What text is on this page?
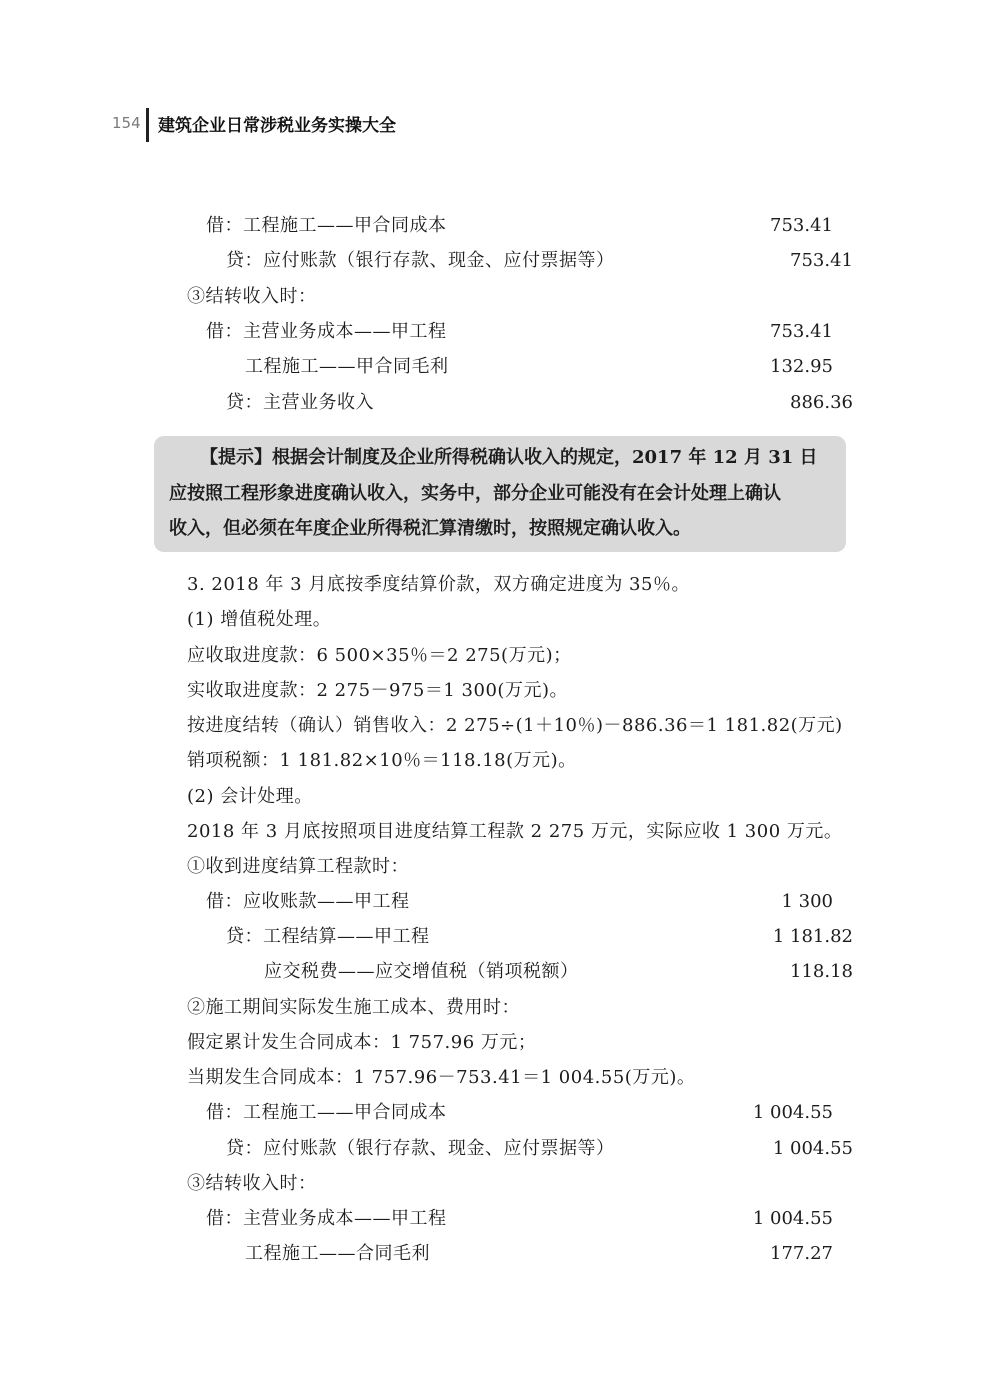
154 建筑企业日常涉税业务实操大全
借：工程施工——甲合同成本	753.41
贷：应付账款（银行存款、现金、应付票据等）	753.41
③结转收入时：
借：主营业务成本——甲工程	753.41
工程施工——甲合同毛利	132.95
贷：主营业务收入	886.36
【提示】根据会计制度及企业所得税确认收入的规定，2017 年 12 月 31 日
应按照工程形象进度确认收入，实务中，部分企业可能没有在会计处理上确认
收入，但必须在年度企业所得税汇算清缴时，按照规定确认收入。
3. 2018 年 3 月底按季度结算价款，双方确定进度为 35％。
(1) 增值税处理。
应收取进度款：6 500×35％＝2 275(万元)；
实收取进度款：2 275－975＝1 300(万元)。
按进度结转（确认）销售收入：2 275÷(1＋10％)－886.36＝1 181.82(万元)
销项税额：1 181.82×10％＝118.18(万元)。
(2) 会计处理。
2018 年 3 月底按照项目进度结算工程款 2 275 万元，实际应收 1 300 万元。
①收到进度结算工程款时：
借：应收账款——甲工程	1 300
贷：工程结算——甲工程	1 181.82
应交税费——应交增值税（销项税额）	118.18
②施工期间实际发生施工成本、费用时：
假定累计发生合同成本：1 757.96 万元；
当期发生合同成本：1 757.96－753.41＝1 004.55(万元)。
借：工程施工——甲合同成本	1 004.55
贷：应付账款（银行存款、现金、应付票据等）	1 004.55
③结转收入时：
借：主营业务成本——甲工程	1 004.55
工程施工——合同毛利	177.27
